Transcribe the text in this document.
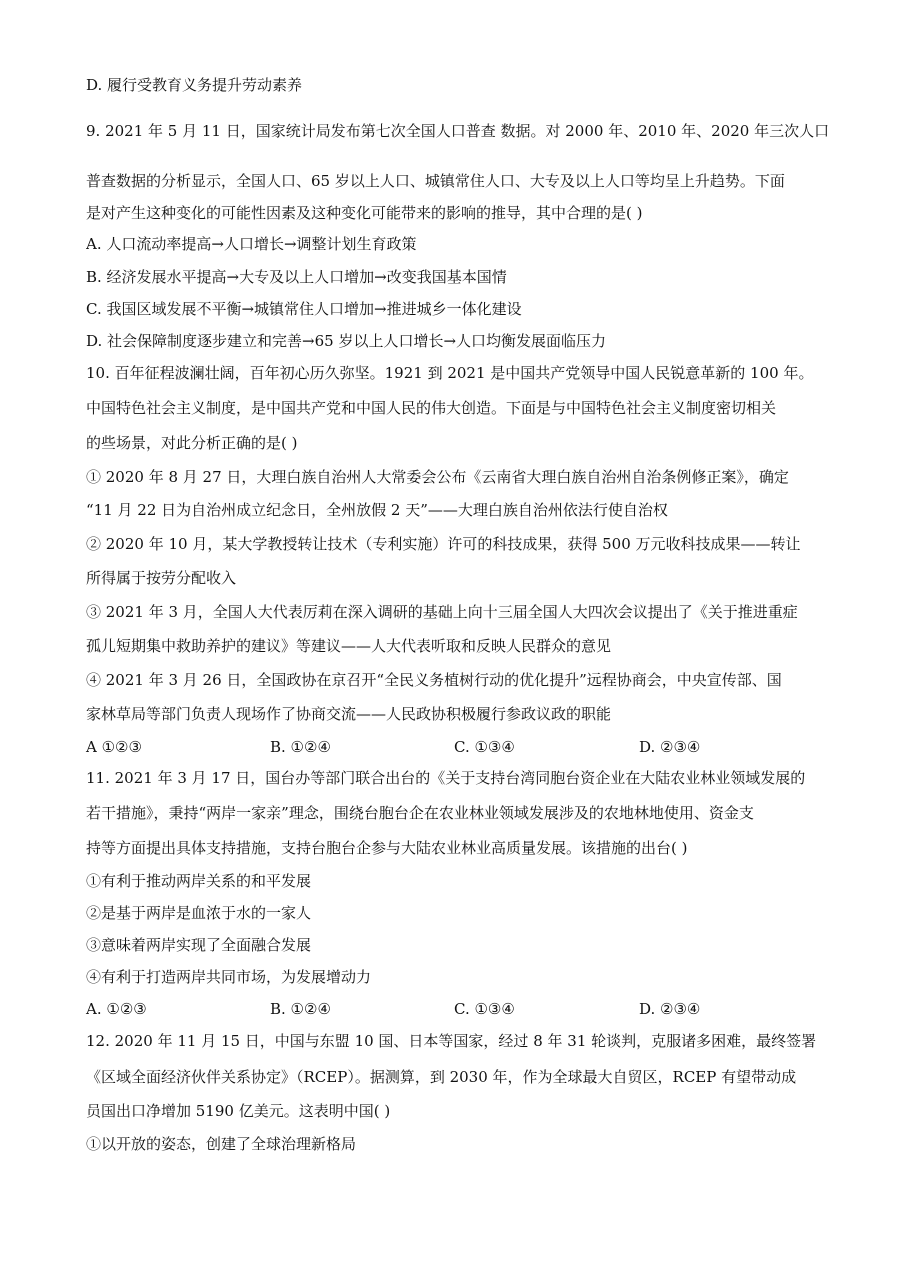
D. 履行受教育义务提升劳动素养
9. 2021 年 5 月 11 日，国家统计局发布第七次全国人口普查 数据。对 2000 年、2010 年、2020 年三次人口
普查数据的分析显示，全国人口、65 岁以上人口、城镇常住人口、大专及以上人口等均呈上升趋势。下面
是对产生这种变化的可能性因素及这种变化可能带来的影响的推导，其中合理的是( )
A. 人口流动率提高→人口增长→调整计划生育政策
B. 经济发展水平提高→大专及以上人口增加→改变我国基本国情
C. 我国区域发展不平衡→城镇常住人口增加→推进城乡一体化建设
D. 社会保障制度逐步建立和完善→65 岁以上人口增长→人口均衡发展面临压力
10. 百年征程波澜壮阔，百年初心历久弥坚。1921 到 2021 是中国共产党领导中国人民锐意革新的 100 年。
中国特色社会主义制度，是中国共产党和中国人民的伟大创造。下面是与中国特色社会主义制度密切相关
的些场景，对此分析正确的是( )
① 2020 年 8 月 27 日，大理白族自治州人大常委会公布《云南省大理白族自治州自治条例修正案》，确定
“11 月 22 日为自治州成立纪念日，全州放假 2 天”——大理白族自治州依法行使自治权
② 2020 年 10 月，某大学教授转让技术（专利实施）许可的科技成果，获得 500 万元收科技成果——转让
所得属于按劳分配收入
③ 2021 年 3 月，全国人大代表厉莉在深入调研的基础上向十三届全国人大四次会议提出了《关于推进重症
孤儿短期集中救助养护的建议》等建议——人大代表听取和反映人民群众的意见
④ 2021 年 3 月 26 日，全国政协在京召开“全民义务植树行动的优化提升”远程协商会，中央宣传部、国
家林草局等部门负责人现场作了协商交流——人民政协积极履行参政议政的职能
A ①②③	B. ①②④	C. ①③④	D. ②③④
11. 2021 年 3 月 17 日，国台办等部门联合出台的《关于支持台湾同胞台资企业在大陆农业林业领域发展的
若干措施》，秉持“两岸一家亲”理念，围绕台胞台企在农业林业领域发展涉及的农地林地使用、资金支
持等方面提出具体支持措施，支持台胞台企参与大陆农业林业高质量发展。该措施的出台( )
①有利于推动两岸关系的和平发展
②是基于两岸是血浓于水的一家人
③意味着两岸实现了全面融合发展
④有利于打造两岸共同市场，为发展增动力
A. ①②③	B. ①②④	C. ①③④	D. ②③④
12. 2020 年 11 月 15 日，中国与东盟 10 国、日本等国家，经过 8 年 31 轮谈判，克服诸多困难，最终签署
《区域全面经济伙伴关系协定》（RCEP）。据测算，到 2030 年，作为全球最大自贸区，RCEP 有望带动成
员国出口净增加 5190 亿美元。这表明中国( )
①以开放的姿态，创建了全球治理新格局
